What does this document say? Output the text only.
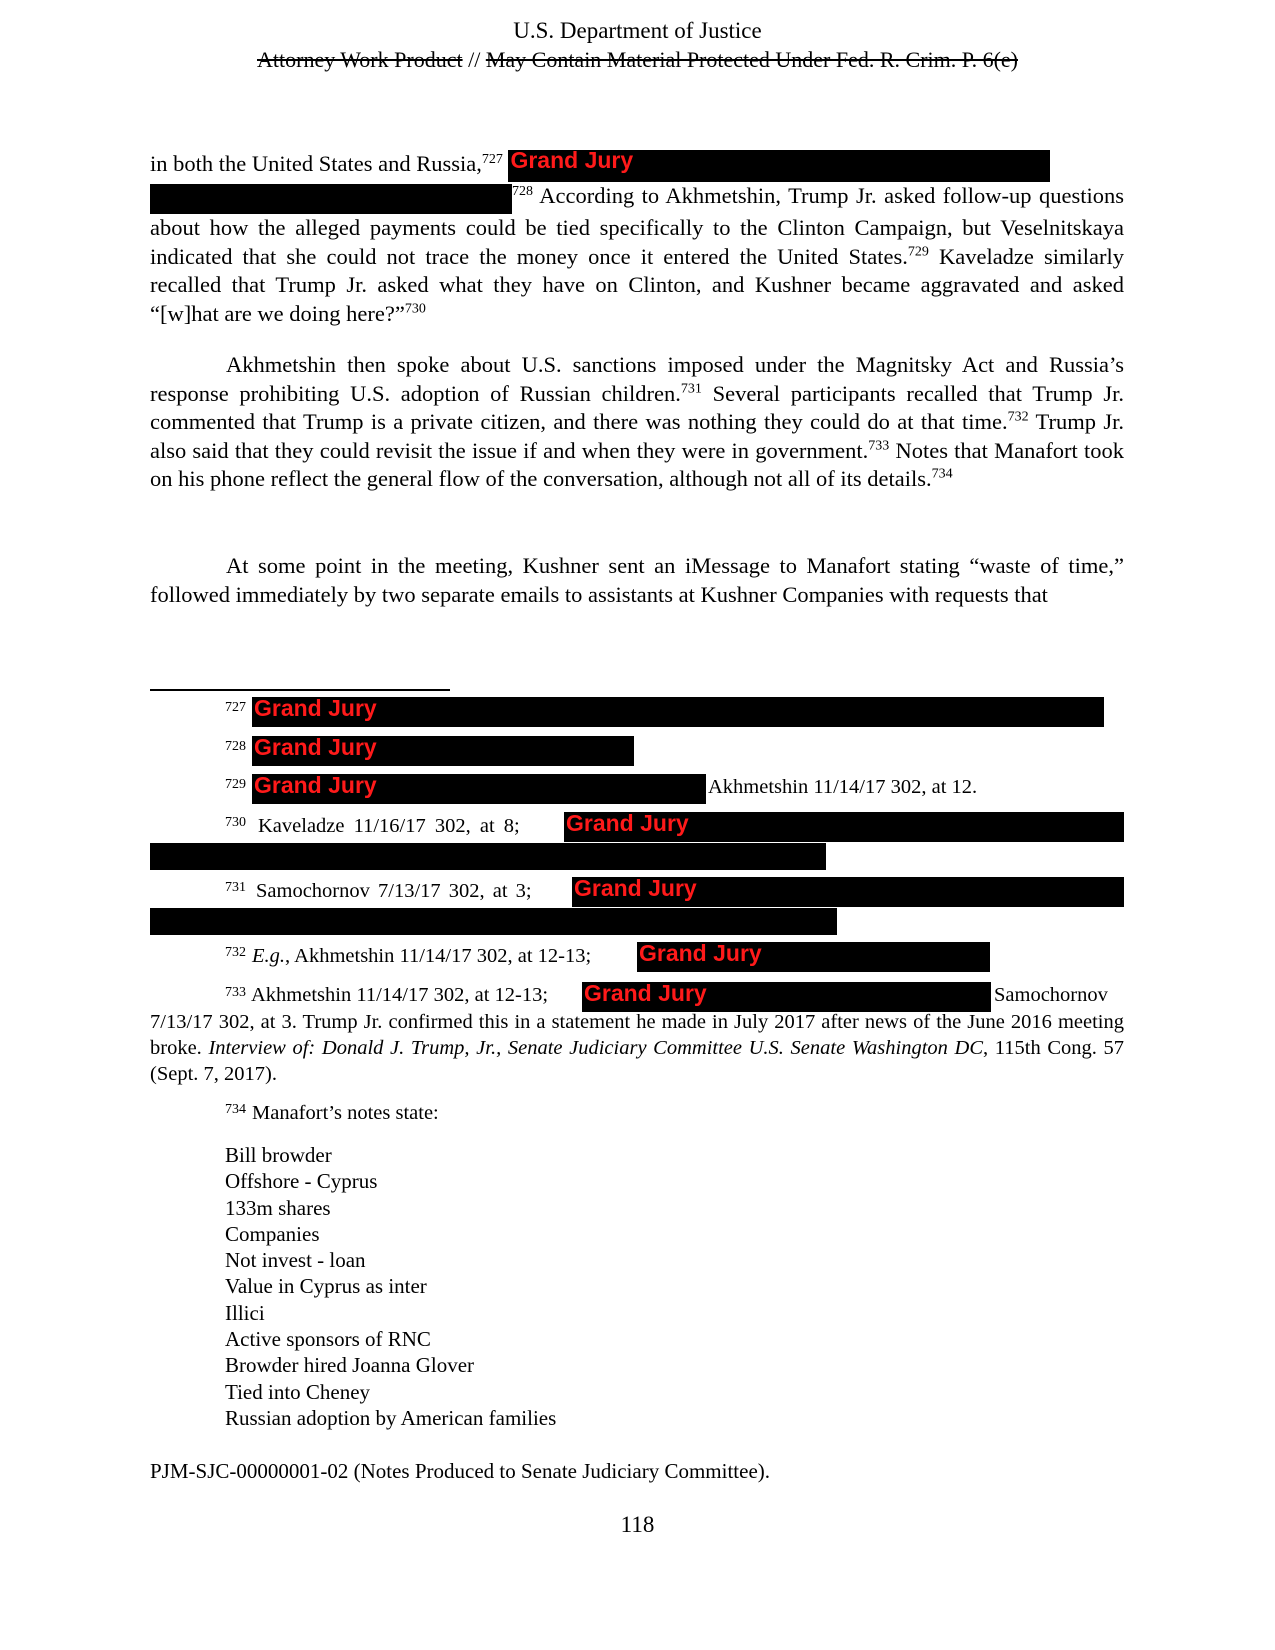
U.S. Department of Justice
Attorney Work Product // May Contain Material Protected Under Fed. R. Crim. P. 6(e)
in both the United States and Russia,$^{727}$ Grand Jury

$^{728}$ According to Akhmetshin, Trump Jr. asked follow-up questions about how the alleged payments could be tied specifically to the Clinton Campaign, but Veselnitskaya indicated that she could not trace the money once it entered the United States.$^{729}$ Kaveladze similarly recalled that Trump Jr. asked what they have on Clinton, and Kushner became aggravated and asked “[w]hat are we doing here?”$^{730}$
Akhmetshin then spoke about U.S. sanctions imposed under the Magnitsky Act and Russia’s response prohibiting U.S. adoption of Russian children.$^{731}$ Several participants recalled that Trump Jr. commented that Trump is a private citizen, and there was nothing they could do at that time.$^{732}$ Trump Jr. also said that they could revisit the issue if and when they were in government.$^{733}$ Notes that Manafort took on his phone reflect the general flow of the conversation, although not all of its details.$^{734}$
At some point in the meeting, Kushner sent an iMessage to Manafort stating “waste of time,” followed immediately by two separate emails to assistants at Kushner Companies with requests that
727 Grand Jury
728 Grand Jury
729 Grand Jury	Akhmetshin 11/14/17 302, at 12.
730 Kaveladze 11/16/17 302, at 8; Grand Jury
731 Samochornov 7/13/17 302, at 3; Grand Jury
732 E.g., Akhmetshin 11/14/17 302, at 12-13; Grand Jury
733 Akhmetshin 11/14/17 302, at 12-13; Grand Jury	Samochornov
7/13/17 302, at 3. Trump Jr. confirmed this in a statement he made in July 2017 after news of the June 2016 meeting broke. Interview of: Donald J. Trump, Jr., Senate Judiciary Committee U.S. Senate Washington DC, 115th Cong. 57 (Sept. 7, 2017).
734 Manafort’s notes state:
Bill browder
Offshore - Cyprus
133m shares
Companies
Not invest - loan
Value in Cyprus as inter
Illici
Active sponsors of RNC
Browder hired Joanna Glover
Tied into Cheney
Russian adoption by American families
PJM-SJC-00000001-02 (Notes Produced to Senate Judiciary Committee).
118
